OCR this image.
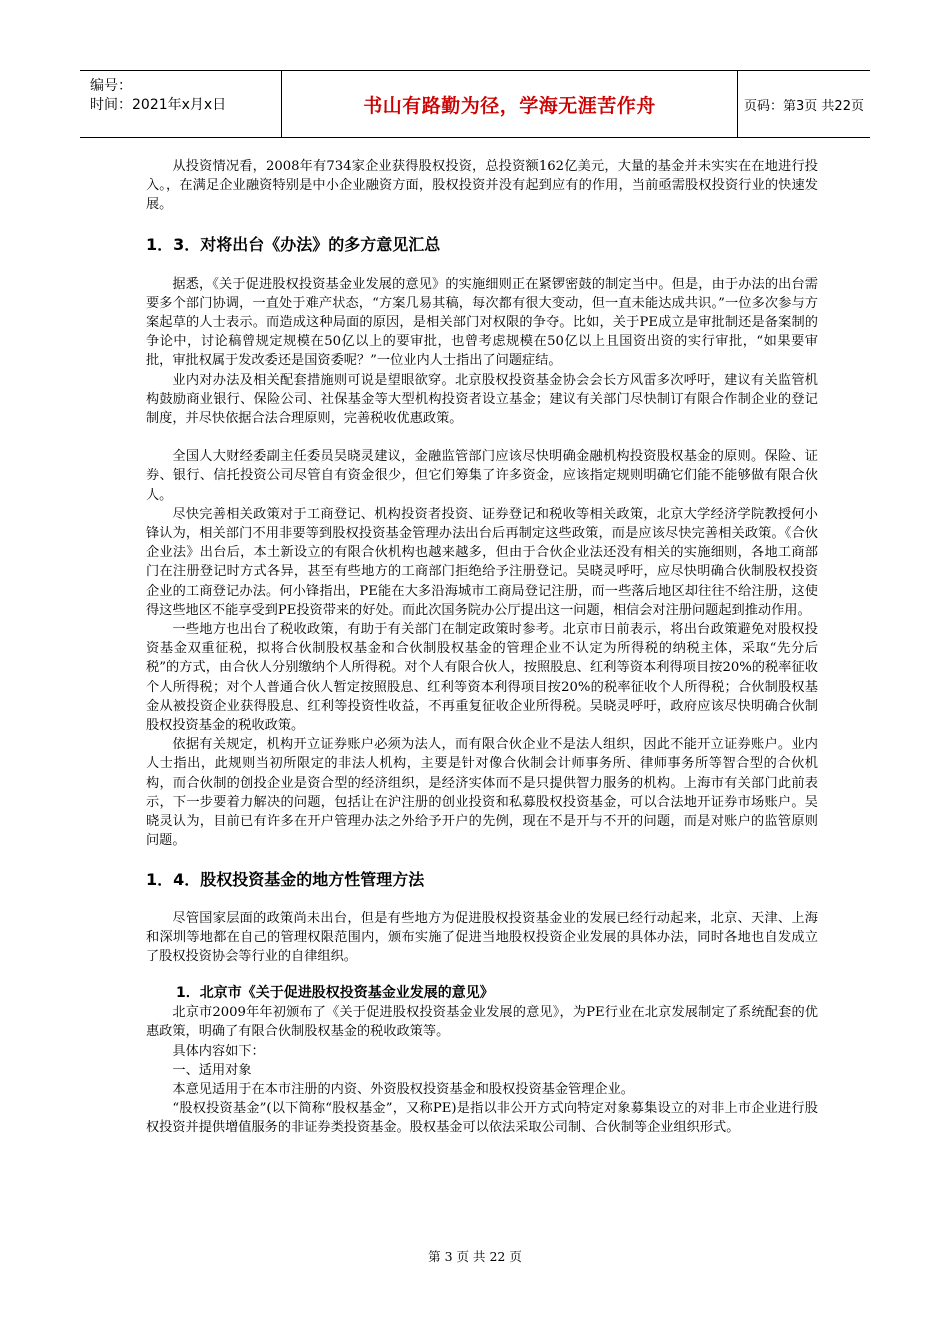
编号：
时间：2021年x月x日	书山有路勤为径，学海无涯苦作舟	页码：第3页 共22页

从投资情况看，2008年有734家企业获得股权投资，总投资额162亿美元，大量的基金并未实实在在地进行投入。，在满足企业融资特别是中小企业融资方面，股权投资并没有起到应有的作用，当前亟需股权投资行业的快速发展。

1．3．对将出台《办法》的多方意见汇总

据悉，《关于促进股权投资基金业发展的意见》的实施细则正在紧锣密鼓的制定当中。但是，由于办法的出台需要多个部门协调，一直处于难产状态，“方案几易其稿，每次都有很大变动，但一直未能达成共识。”一位多次参与方案起草的人士表示。而造成这种局面的原因，是相关部门对权限的争夺。比如，关于PE成立是审批制还是备案制的争论中，讨论稿曾规定规模在50亿以上的要审批，也曾考虑规模在50亿以上且国资出资的实行审批，“如果要审批，审批权属于发改委还是国资委呢？”一位业内人士指出了问题症结。

业内对办法及相关配套措施则可说是望眼欲穿。北京股权投资基金协会会长方风雷多次呼吁，建议有关监管机构鼓励商业银行、保险公司、社保基金等大型机构投资者设立基金；建议有关部门尽快制订有限合作制企业的登记制度，并尽快依据合法合理原则，完善税收优惠政策。

全国人大财经委副主任委员吴晓灵建议，金融监管部门应该尽快明确金融机构投资股权基金的原则。保险、证券、银行、信托投资公司尽管自有资金很少，但它们筹集了许多资金，应该指定规则明确它们能不能够做有限合伙人。

尽快完善相关政策对于工商登记、机构投资者投资、证券登记和税收等相关政策，北京大学经济学院教授何小锋认为，相关部门不用非要等到股权投资基金管理办法出台后再制定这些政策，而是应该尽快完善相关政策。《合伙企业法》出台后，本土新设立的有限合伙机构也越来越多，但由于合伙企业法还没有相关的实施细则，各地工商部门在注册登记时方式各异，甚至有些地方的工商部门拒绝给予注册登记。吴晓灵呼吁，应尽快明确合伙制股权投资企业的工商登记办法。何小锋指出，PE能在大多沿海城市工商局登记注册，而一些落后地区却往往不给注册，这使得这些地区不能享受到PE投资带来的好处。而此次国务院办公厅提出这一问题，相信会对注册问题起到推动作用。

一些地方也出台了税收政策，有助于有关部门在制定政策时参考。北京市日前表示，将出台政策避免对股权投资基金双重征税，拟将合伙制股权基金和合伙制股权基金的管理企业不认定为所得税的纳税主体，采取“先分后税”的方式，由合伙人分别缴纳个人所得税。对个人有限合伙人，按照股息、红利等资本利得项目按20%的税率征收个人所得税；对个人普通合伙人暂定按照股息、红利等资本利得项目按20%的税率征收个人所得税；合伙制股权基金从被投资企业获得股息、红利等投资性收益，不再重复征收企业所得税。吴晓灵呼吁，政府应该尽快明确合伙制股权投资基金的税收政策。

依据有关规定，机构开立证券账户必须为法人，而有限合伙企业不是法人组织，因此不能开立证券账户。业内人士指出，此规则当初所限定的非法人机构，主要是针对像合伙制会计师事务所、律师事务所等智合型的合伙机构，而合伙制的创投企业是资合型的经济组织，是经济实体而不是只提供智力服务的机构。上海市有关部门此前表示，下一步要着力解决的问题，包括让在沪注册的创业投资和私募股权投资基金，可以合法地开证券市场账户。吴晓灵认为，目前已有许多在开户管理办法之外给予开户的先例，现在不是开与不开的问题，而是对账户的监管原则问题。

1．4．股权投资基金的地方性管理方法

尽管国家层面的政策尚未出台，但是有些地方为促进股权投资基金业的发展已经行动起来，北京、天津、上海和深圳等地都在自己的管理权限范围内，颁布实施了促进当地股权投资企业发展的具体办法，同时各地也自发成立了股权投资协会等行业的自律组织。

1．北京市《关于促进股权投资基金业发展的意见》

北京市2009年年初颁布了《关于促进股权投资基金业发展的意见》，为PE行业在北京发展制定了系统配套的优惠政策，明确了有限合伙制股权基金的税收政策等。

具体内容如下：

一、适用对象

本意见适用于在本市注册的内资、外资股权投资基金和股权投资基金管理企业。

“股权投资基金”(以下简称“股权基金”，又称PE)是指以非公开方式向特定对象募集设立的对非上市企业进行股权投资并提供增值服务的非证券类投资基金。股权基金可以依法采取公司制、合伙制等企业组织形式。

第 3 页 共 22 页
